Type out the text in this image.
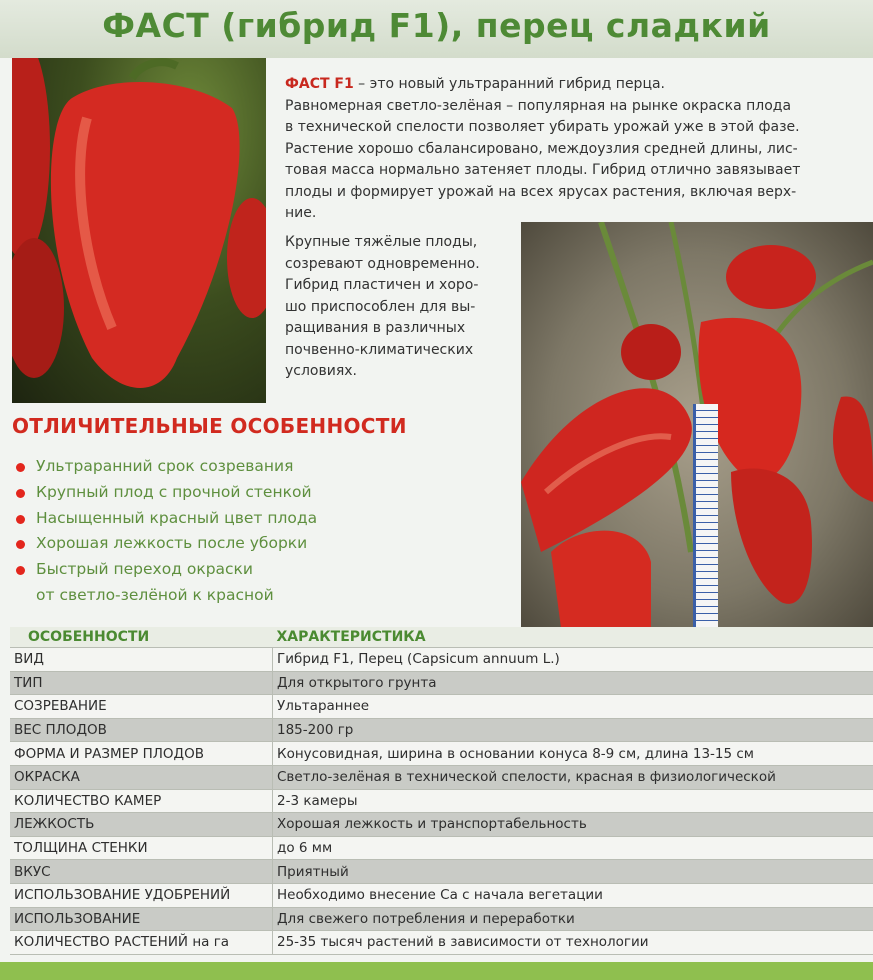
ФАСТ (гибрид F1), перец сладкий

ФАСТ F1 – это новый ультраранний гибрид перца.

Равномерная светло-зелёная – популярная на рынке окраска плода

в технической спелости позволяет убирать урожай уже в этой фазе.

Растение хорошо сбалансировано, междоузлия средней длины, лис-

товая масса нормально затеняет плоды. Гибрид отлично завязывает

плоды и формирует урожай на всех ярусах растения, включая верх-

ние.

Крупные тяжёлые плоды,

созревают одновременно.

Гибрид пластичен и хоро-

шо приспособлен для вы-

ращивания в различных

почвенно-климатических

условиях.

ОТЛИЧИТЕЛЬНЫЕ ОСОБЕННОСТИ
Ультраранний срок созревания
Крупный плод с прочной стенкой
Насыщенный красный цвет плода
Хорошая лежкость после уборки
Быстрый переход окраски
от светло-зелёной к красной
ОСОБЕННОСТИ	ХАРАКТЕРИСТИКА
ВИД	Гибрид F1, Перец (Capsicum annuum L.)
ТИП	Для открытого грунта
СОЗРЕВАНИЕ	Ультараннее
ВЕС ПЛОДОВ	185-200 гр
ФОРМА И РАЗМЕР ПЛОДОВ	Конусовидная, ширина в основании конуса 8-9 см, длина 13-15 см
ОКРАСКА	Светло-зелёная в технической спелости, красная в физиологической
КОЛИЧЕСТВО КАМЕР	2-3 камеры
ЛЕЖКОСТЬ	Хорошая лежкость и транспортабельность
ТОЛЩИНА СТЕНКИ	до 6 мм
ВКУС	Приятный
ИСПОЛЬЗОВАНИЕ УДОБРЕНИЙ	Необходимо внесение Са с начала вегетации
ИСПОЛЬЗОВАНИЕ	Для свежего потребления и переработки
КОЛИЧЕСТВО РАСТЕНИЙ на га	25-35 тысяч растений в зависимости от технологии
